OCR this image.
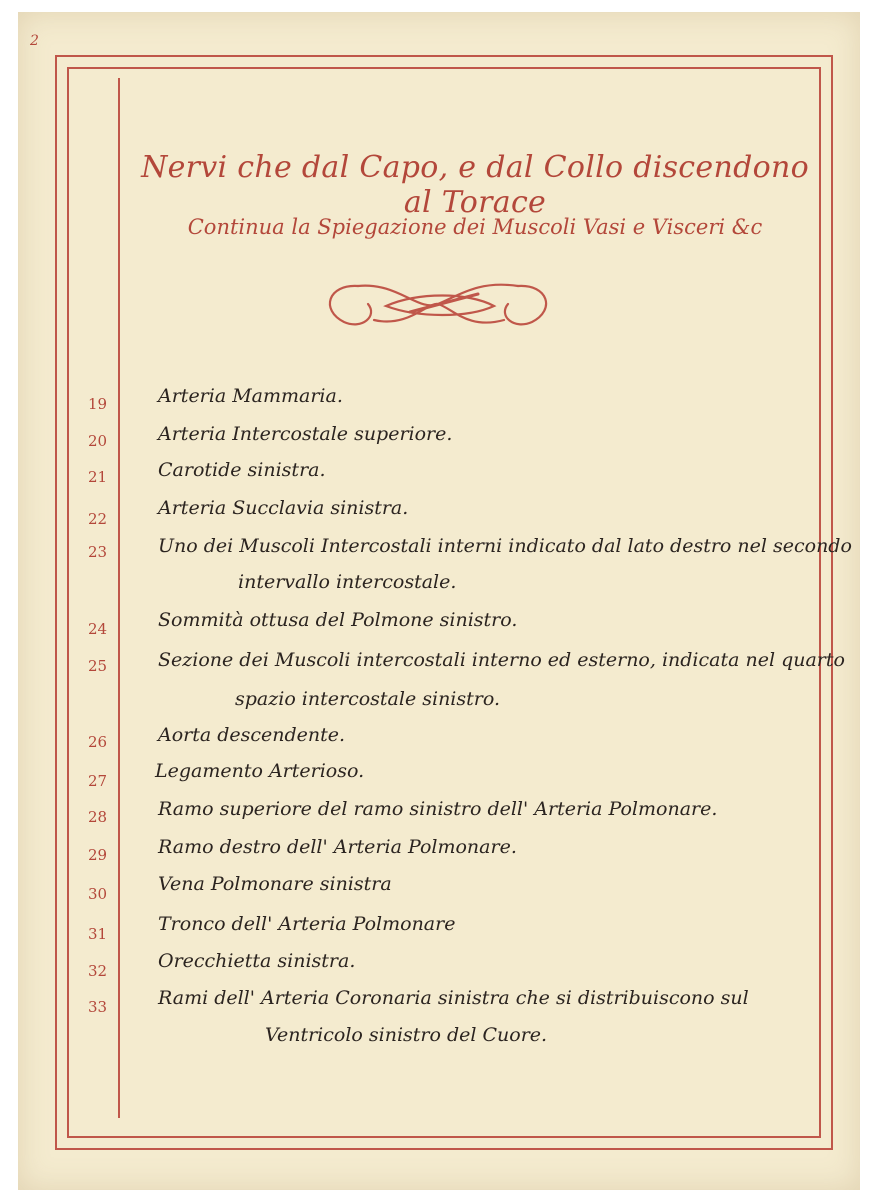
2
Nervi che dal Capo, e dal Collo discendono al Torace
Continua la Spiegazione dei Muscoli Vasi e Visceri &c
19	Arteria Mammaria.
20	Arteria Intercostale superiore.
21	Carotide sinistra.
22	Arteria Succlavia sinistra.
23	Uno dei Muscoli Intercostali interni indicato dal lato destro nel secondo
intervallo intercostale.
24	Sommità ottusa del Polmone sinistro.
25	Sezione dei Muscoli intercostali interno ed esterno, indicata nel quarto
spazio intercostale sinistro.
26	Aorta descendente.
27	Legamento Arterioso.
28	Ramo superiore del ramo sinistro dell' Arteria Polmonare.
29	Ramo destro dell' Arteria Polmonare.
30	Vena Polmonare sinistra
31	Tronco dell' Arteria Polmonare
32	Orecchietta sinistra.
33	Rami dell' Arteria Coronaria sinistra che si distribuiscono sul
Ventricolo sinistro del Cuore.
